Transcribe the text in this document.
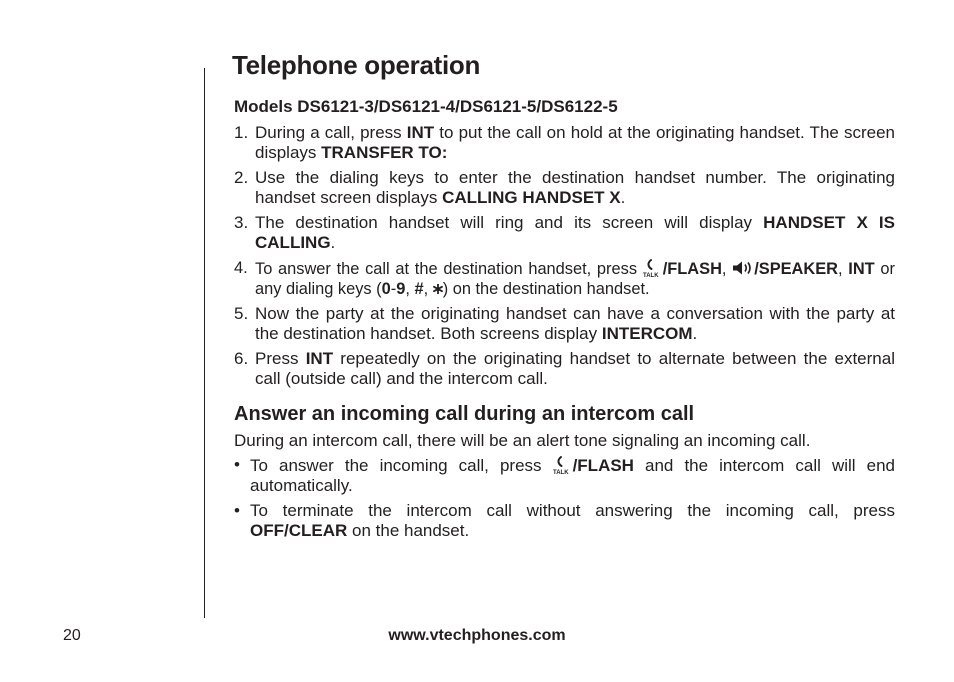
Telephone operation
Models DS6121-3/DS6121-4/DS6121-5/DS6122-5
1. During a call, press INT to put the call on hold at the originating handset. The screen displays TRANSFER TO:
2. Use the dialing keys to enter the destination handset number. The originating handset screen displays CALLING HANDSET X.
3. The destination handset will ring and its screen will display HANDSET X IS CALLING.
4. To answer the call at the destination handset, press TALK /FLASH, /SPEAKER, INT or any dialing keys (0-9, #, ) on the destination handset.
5. Now the party at the originating handset can have a conversation with the party at the destination handset. Both screens display INTERCOM.
6. Press INT repeatedly on the originating handset to alternate between the external call (outside call) and the intercom call.
Answer an incoming call during an intercom call
During an intercom call, there will be an alert tone signaling an incoming call.
• To answer the incoming call, press TALK /FLASH and the intercom call will end automatically.
• To terminate the intercom call without answering the incoming call, press OFF/CLEAR on the handset.
20	www.vtechphones.com
